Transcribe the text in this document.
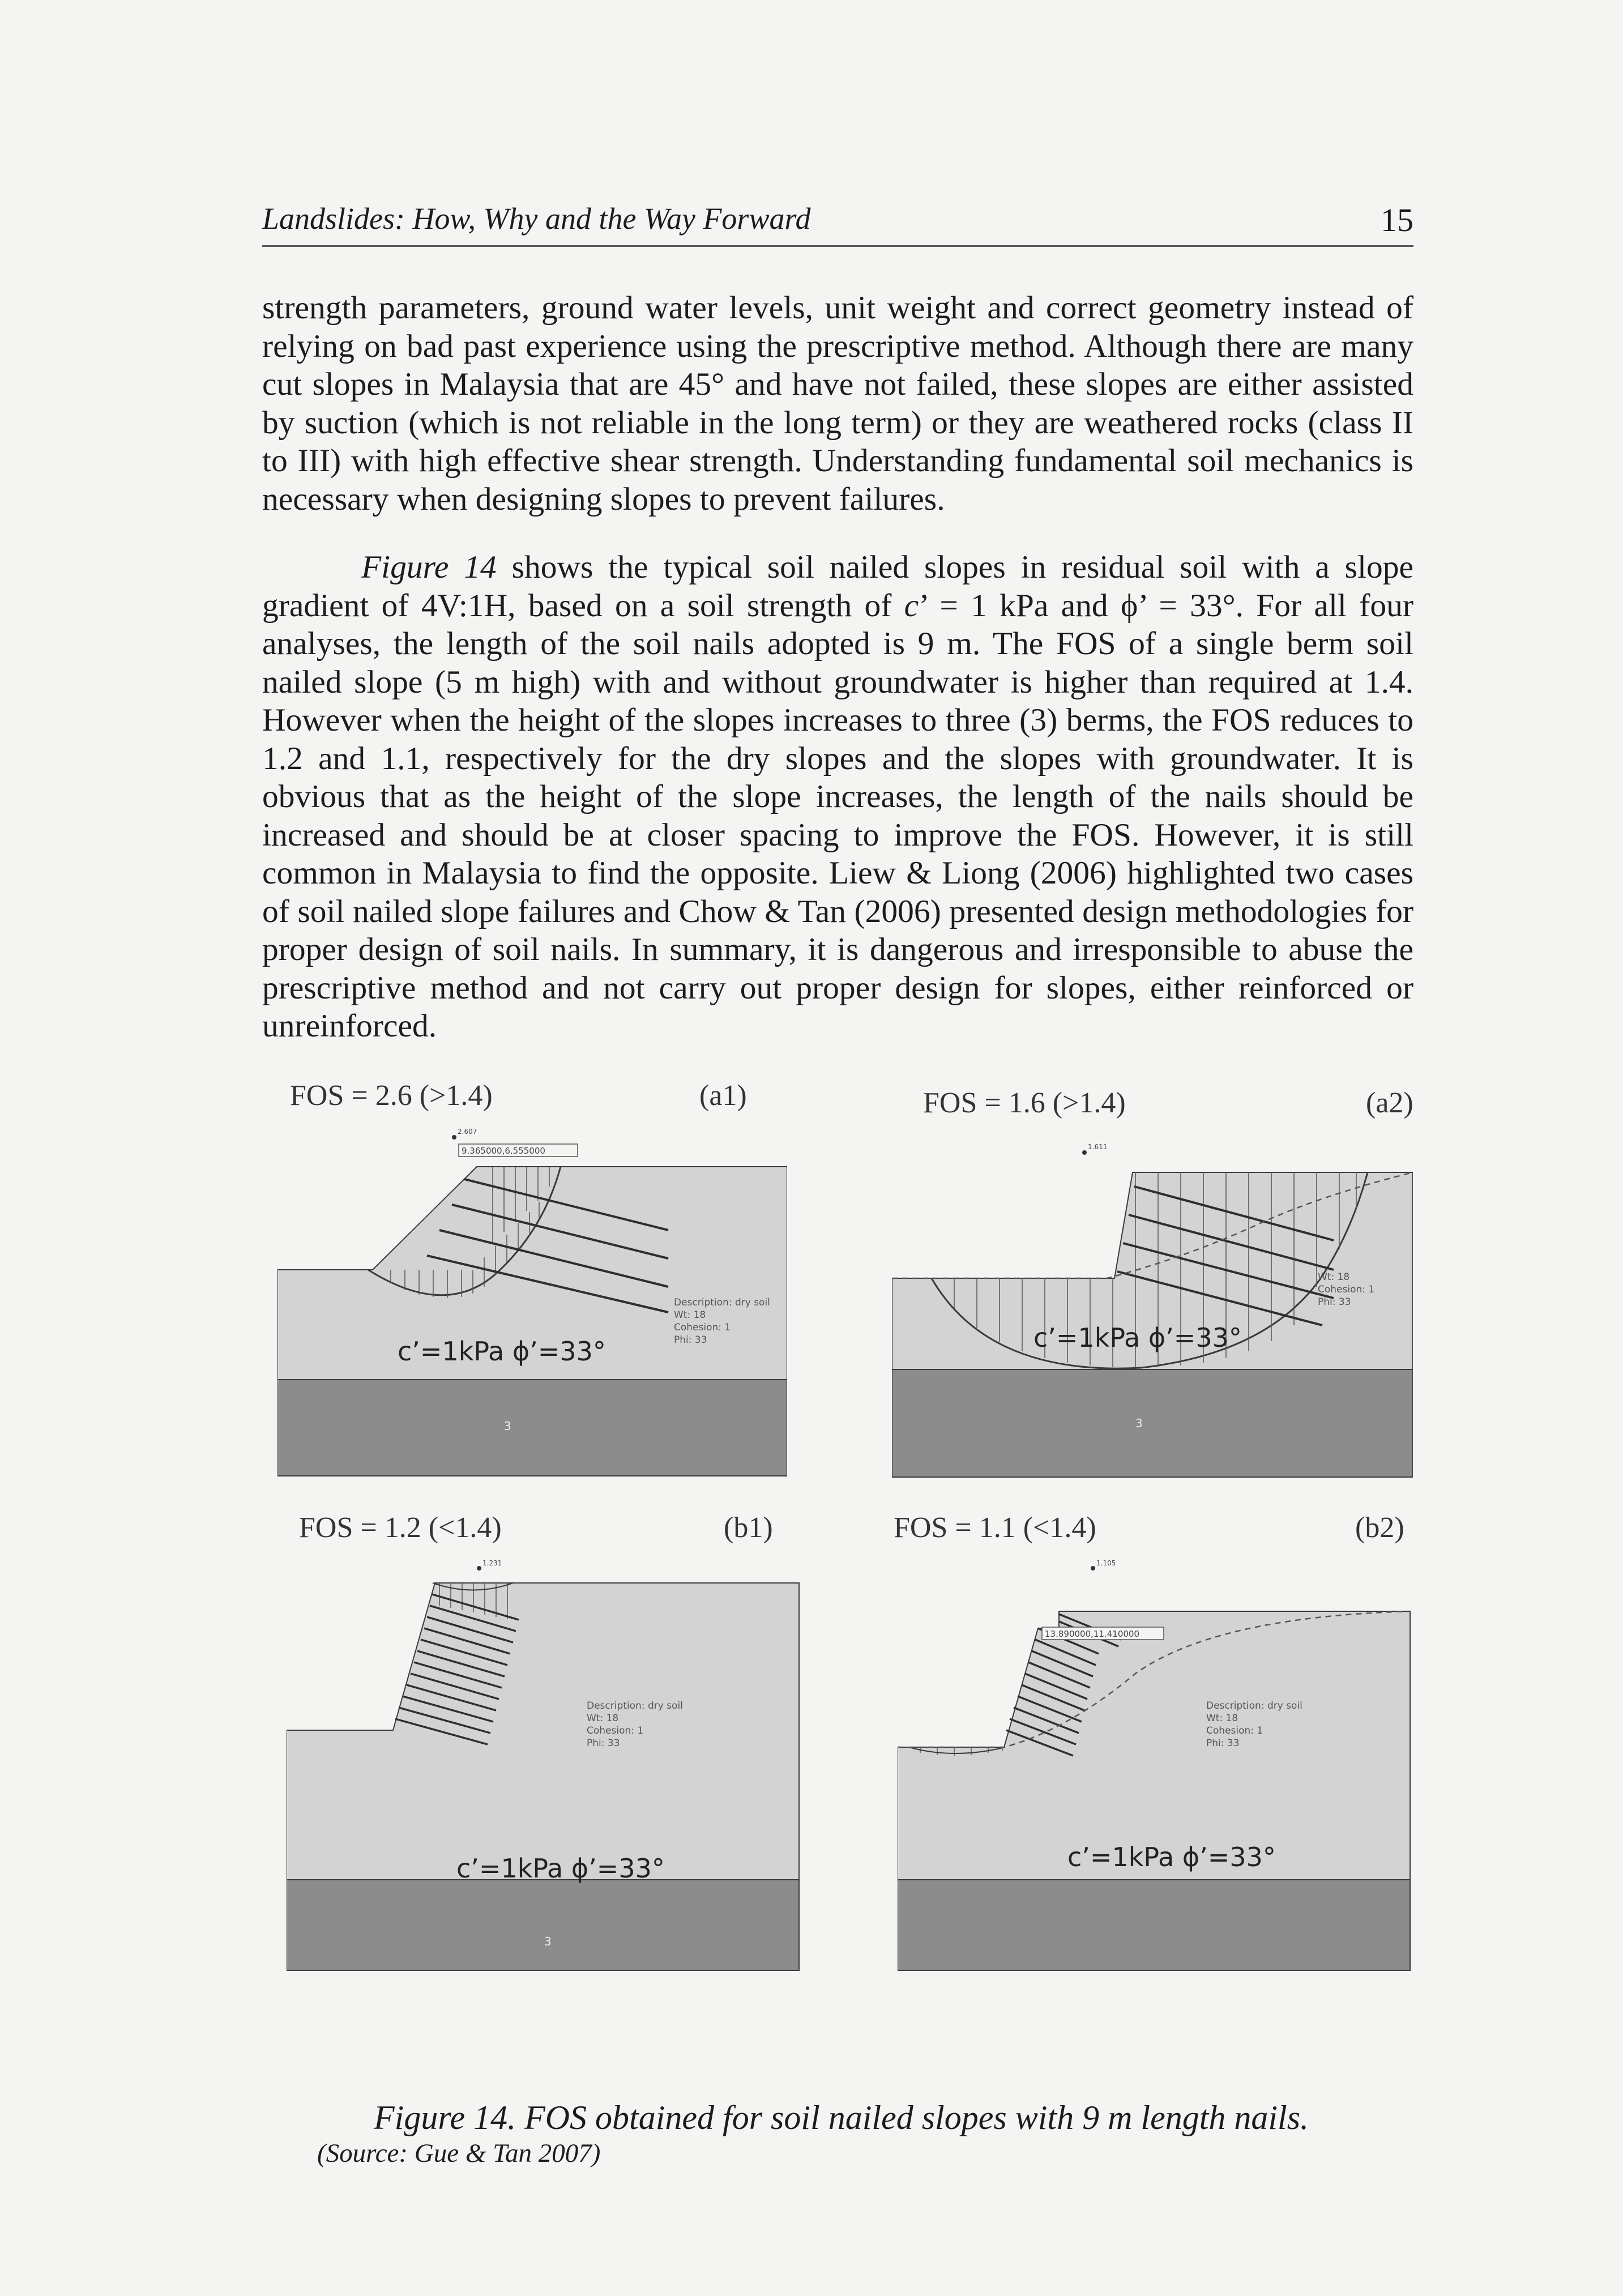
Landslides: How, Why and the Way Forward	15
strength parameters, ground water levels, unit weight and correct geometry instead of relying on bad past experience using the prescriptive method. Although there are many cut slopes in Malaysia that are 45° and have not failed, these slopes are either assisted by suction (which is not reliable in the long term) or they are weathered rocks (class II to III) with high effective shear strength. Understanding fundamental soil mechanics is necessary when designing slopes to prevent failures.
Figure 14 shows the typical soil nailed slopes in residual soil with a slope gradient of 4V:1H, based on a soil strength of c’ = 1 kPa and ϕ’ = 33°. For all four analyses, the length of the soil nails adopted is 9 m. The FOS of a single berm soil nailed slope (5 m high) with and without groundwater is higher than required at 1.4. However when the height of the slopes increases to three (3) berms, the FOS reduces to 1.2 and 1.1, respectively for the dry slopes and the slopes with groundwater. It is obvious that as the height of the slope increases, the length of the nails should be increased and should be at closer spacing to improve the FOS. However, it is still common in Malaysia to find the opposite. Liew & Liong (2006) highlighted two cases of soil nailed slope failures and Chow & Tan (2006) presented design methodologies for proper design of soil nails. In summary, it is dangerous and irresponsible to abuse the prescriptive method and not carry out proper design for slopes, either reinforced or unreinforced.
FOS = 2.6 (>1.4)	(a1)
c’=1kPa ϕ’=33°
Description: dry soil
Wt: 18
Cohesion: 1
Phi: 33
9.365000,6.555000
2.607
3
FOS = 1.6 (>1.4)	(a2)
c’=1kPa ϕ’=33°
Wt: 18
Cohesion: 1
Phi: 33
1.611
3
FOS = 1.2 (<1.4)	(b1)
c’=1kPa ϕ’=33°
Description: dry soil
Wt: 18
Cohesion: 1
Phi: 33
1.231
3
FOS = 1.1 (<1.4)	(b2)
c’=1kPa ϕ’=33°
Description: dry soil
Wt: 18
Cohesion: 1
Phi: 33
13.890000,11.410000
1.105
Figure 14. FOS obtained for soil nailed slopes with 9 m length nails.
(Source: Gue & Tan 2007)
